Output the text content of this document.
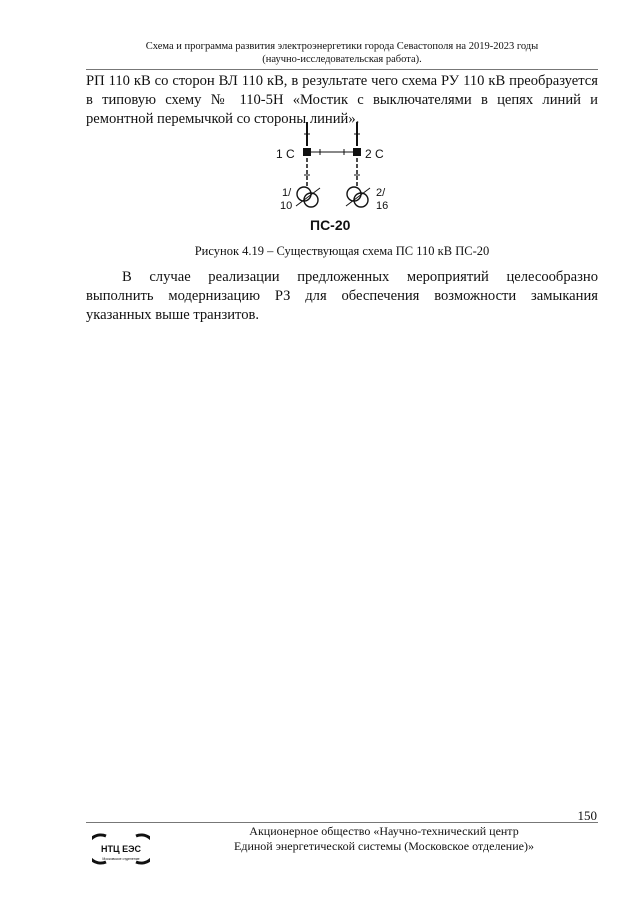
Схема и программа развития электроэнергетики города Севастополя на 2019-2023 годы
(научно-исследовательская работа).

РП 110 кВ со сторон ВЛ 110 кВ, в результате чего схема РУ 110 кВ преобразуется в типовую схему № 110-5Н «Мостик с выключателями в цепях линий и ремонтной перемычкой со стороны линий».

1 С	2 С
1/
10
2/
16
ПС-20
Рисунок 4.19 – Существующая схема ПС 110 кВ ПС-20

В случае реализации предложенных мероприятий целесообразно выполнить модернизацию РЗ для обеспечения возможности замыкания указанных выше транзитов.

150
НТЦ ЕЭС
Московское отделение
Акционерное общество «Научно-технический центр
Единой энергетической системы (Московское отделение)»
